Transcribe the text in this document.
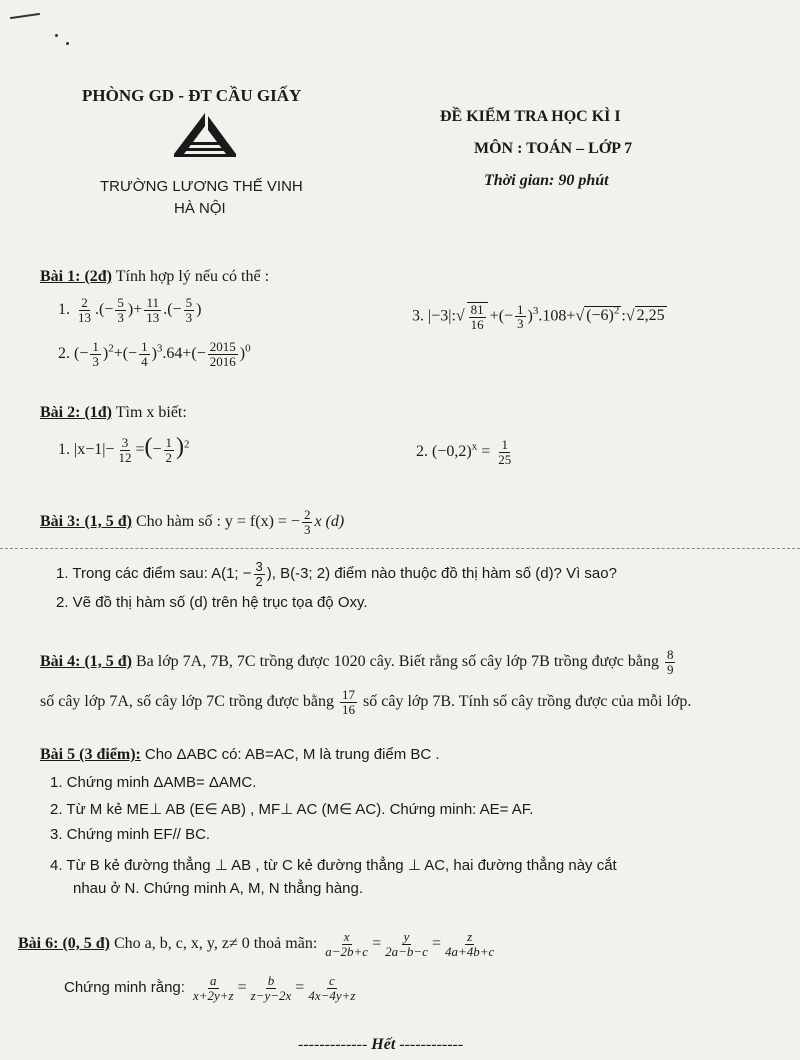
PHÒNG GD - ĐT CẦU GIẤY
TRƯỜNG LƯƠNG THẾ VINH
HÀ NỘI
ĐỀ KIỂM TRA HỌC KÌ I
MÔN : TOÁN – LỚP 7
Thời gian: 90 phút
Bài 1: (2đ) Tính hợp lý nếu có thể :
1. $\frac{2}{13}$ .(− $\frac{5}{3}$ )+ $\frac{11}{13}$ .(− $\frac{5}{3}$ )
2. (− $\frac{1}{3} )^2+(- \frac{1}{4} )^3.64+(- \frac{2015}{2016} )^0$
3. |−3|:√ $\frac{81}{16}$ +(− $\frac{1}{3} )^3.108+√$ $(-6)^2$ :√ 2,25
Bài 2: (1đ) Tìm x biết:
1. $|x-1|- \frac{3}{12}$ =(− $\frac{1}{2} )^2$	2. $(-0,2)^x = \frac{1}{25}$
Bài 3: (1, 5 đ) Cho hàm số : y = f(x) = − $\frac{2}{3}$ x (d)
1. Trong các điểm sau: A(1; − $\frac{3}{2}$ ), B(-3; 2) điểm nào thuộc đồ thị hàm số (d)? Vì sao?
2. Vẽ đồ thị hàm số (d) trên hệ trục tọa độ Oxy.
Bài 4: (1, 5 đ) Ba lớp 7A, 7B, 7C trồng được 1020 cây. Biết rằng số cây lớp 7B trồng được bằng $\frac{8}{9}$
số cây lớp 7A, số cây lớp 7C trồng được bằng $\frac{17}{16}$ số cây lớp 7B. Tính số cây trồng được của mỗi lớp.
Bài 5 (3 điểm): Cho ΔABC có: AB=AC, M là trung điểm BC .
1. Chứng minh ΔAMB= ΔAMC.
2. Từ M kẻ ME⊥ AB (E∈ AB) , MF⊥ AC (M∈ AC). Chứng minh: AE= AF.
3. Chứng minh EF// BC.
4. Từ B kẻ đường thẳng ⊥ AB , từ C kẻ đường thẳng ⊥ AC, hai đường thẳng này cắt
nhau ở N. Chứng minh A, M, N thẳng hàng.
Bài 6: (0, 5 đ) Cho a, b, c, x, y, z≠ 0 thoả mãn: $\frac{x}{a-2b+c} = \frac{y}{2a-b-c} = \frac{z}{4a+4b+c}$
Chứng minh rằng: $\frac{a}{x+2y+z} = \frac{b}{z-y-2x} = \frac{c}{4x-4y+z}$
------------- Hết ------------
